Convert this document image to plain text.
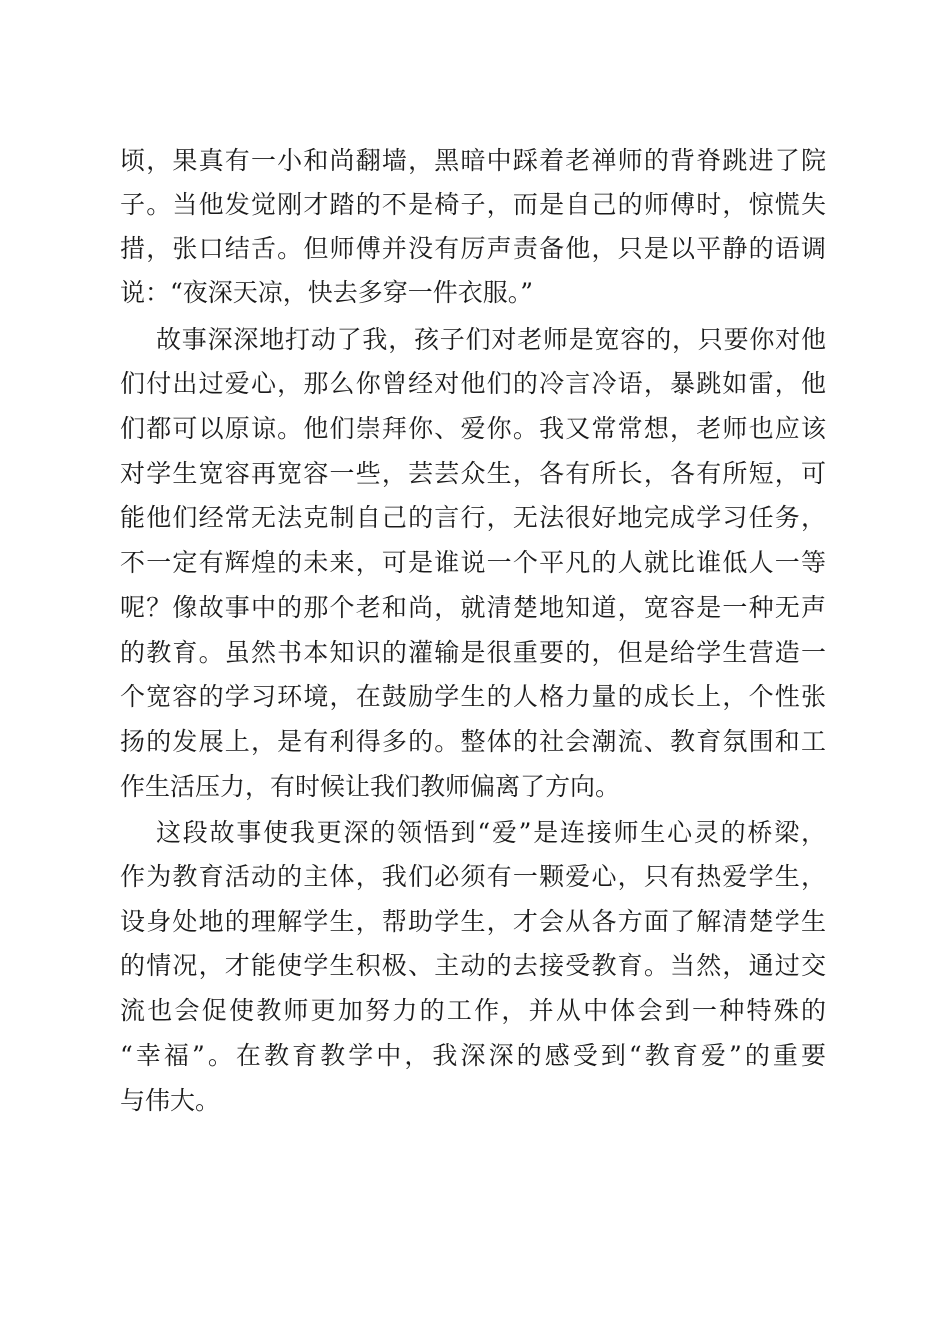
顷，果真有一小和尚翻墙，黑暗中踩着老禅师的背脊跳进了院
子。当他发觉刚才踏的不是椅子，而是自己的师傅时，惊慌失
措，张口结舌。但师傅并没有厉声责备他，只是以平静的语调
说：“夜深天凉，快去多穿一件衣服。”
故事深深地打动了我，孩子们对老师是宽容的，只要你对他
们付出过爱心，那么你曾经对他们的冷言冷语，暴跳如雷，他
们都可以原谅。他们崇拜你、爱你。我又常常想，老师也应该
对学生宽容再宽容一些，芸芸众生，各有所长，各有所短，可
能他们经常无法克制自己的言行，无法很好地完成学习任务，
不一定有辉煌的未来，可是谁说一个平凡的人就比谁低人一等
呢？像故事中的那个老和尚，就清楚地知道，宽容是一种无声
的教育。虽然书本知识的灌输是很重要的，但是给学生营造一
个宽容的学习环境，在鼓励学生的人格力量的成长上，个性张
扬的发展上，是有利得多的。整体的社会潮流、教育氛围和工
作生活压力，有时候让我们教师偏离了方向。
这段故事使我更深的领悟到“爱”是连接师生心灵的桥梁，
作为教育活动的主体，我们必须有一颗爱心，只有热爱学生，
设身处地的理解学生，帮助学生，才会从各方面了解清楚学生
的情况，才能使学生积极、主动的去接受教育。当然，通过交
流也会促使教师更加努力的工作，并从中体会到一种特殊的
“幸福”。在教育教学中，我深深的感受到“教育爱”的重要
与伟大。
